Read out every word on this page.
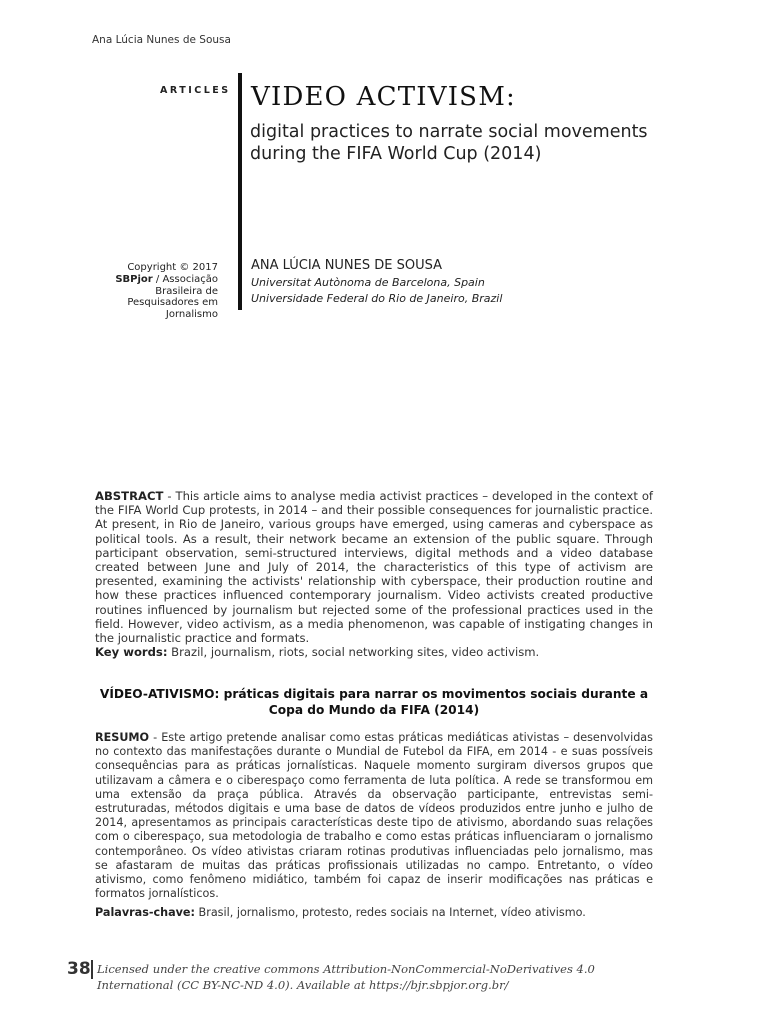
Ana Lúcia Nunes de Sousa
ARTICLES VIDEO ACTIVISM:
digital practices to narrate social movements during the FIFA World Cup (2014)
Copyright © 2017
SBPjor / Associação Brasileira de Pesquisadores em Jornalismo
ANA LÚCIA NUNES DE SOUSA
Universitat Autònoma de Barcelona, Spain
Universidade Federal do Rio de Janeiro, Brazil

ABSTRACT - This article aims to analyse media activist practices – developed in the context of the FIFA World Cup protests, in 2014 – and their possible consequences for journalistic practice. At present, in Rio de Janeiro, various groups have emerged, using cameras and cyberspace as political tools. As a result, their network became an extension of the public square. Through participant observation, semi-structured interviews, digital methods and a video database created between June and July of 2014, the characteristics of this type of activism are presented, examining the activists' relationship with cyberspace, their production routine and how these practices influenced contemporary journalism. Video activists created productive routines influenced by journalism but rejected some of the professional practices used in the field. However, video activism, as a media phenomenon, was capable of instigating changes in the journalistic practice and formats.

Key words: Brazil, journalism, riots, social networking sites, video activism.

VÍDEO-ATIVISMO: práticas digitais para narrar os movimentos sociais durante a Copa do Mundo da FIFA (2014)

RESUMO - Este artigo pretende analisar como estas práticas mediáticas ativistas – desenvolvidas no contexto das manifestações durante o Mundial de Futebol da FIFA, em 2014 - e suas possíveis consequências para as práticas jornalísticas. Naquele momento surgiram diversos grupos que utilizavam a câmera e o ciberespaço como ferramenta de luta política. A rede se transformou em uma extensão da praça pública. Através da observação participante, entrevistas semi-estruturadas, métodos digitais e uma base de datos de vídeos produzidos entre junho e julho de 2014, apresentamos as principais características deste tipo de ativismo, abordando suas relações com o ciberespaço, sua metodologia de trabalho e como estas práticas influenciaram o jornalismo contemporâneo. Os vídeo ativistas criaram rotinas produtivas influenciadas pelo jornalismo, mas se afastaram de muitas das práticas profissionais utilizadas no campo. Entretanto, o vídeo ativismo, como fenômeno midiático, também foi capaz de inserir modificações nas práticas e formatos jornalísticos.

Palavras-chave: Brasil, jornalismo, protesto, redes sociais na Internet, vídeo ativismo.

38 Licensed under the creative commons Attribution-NonCommercial-NoDerivatives 4.0 International (CC BY-NC-ND 4.0). Available at https://bjr.sbpjor.org.br/
